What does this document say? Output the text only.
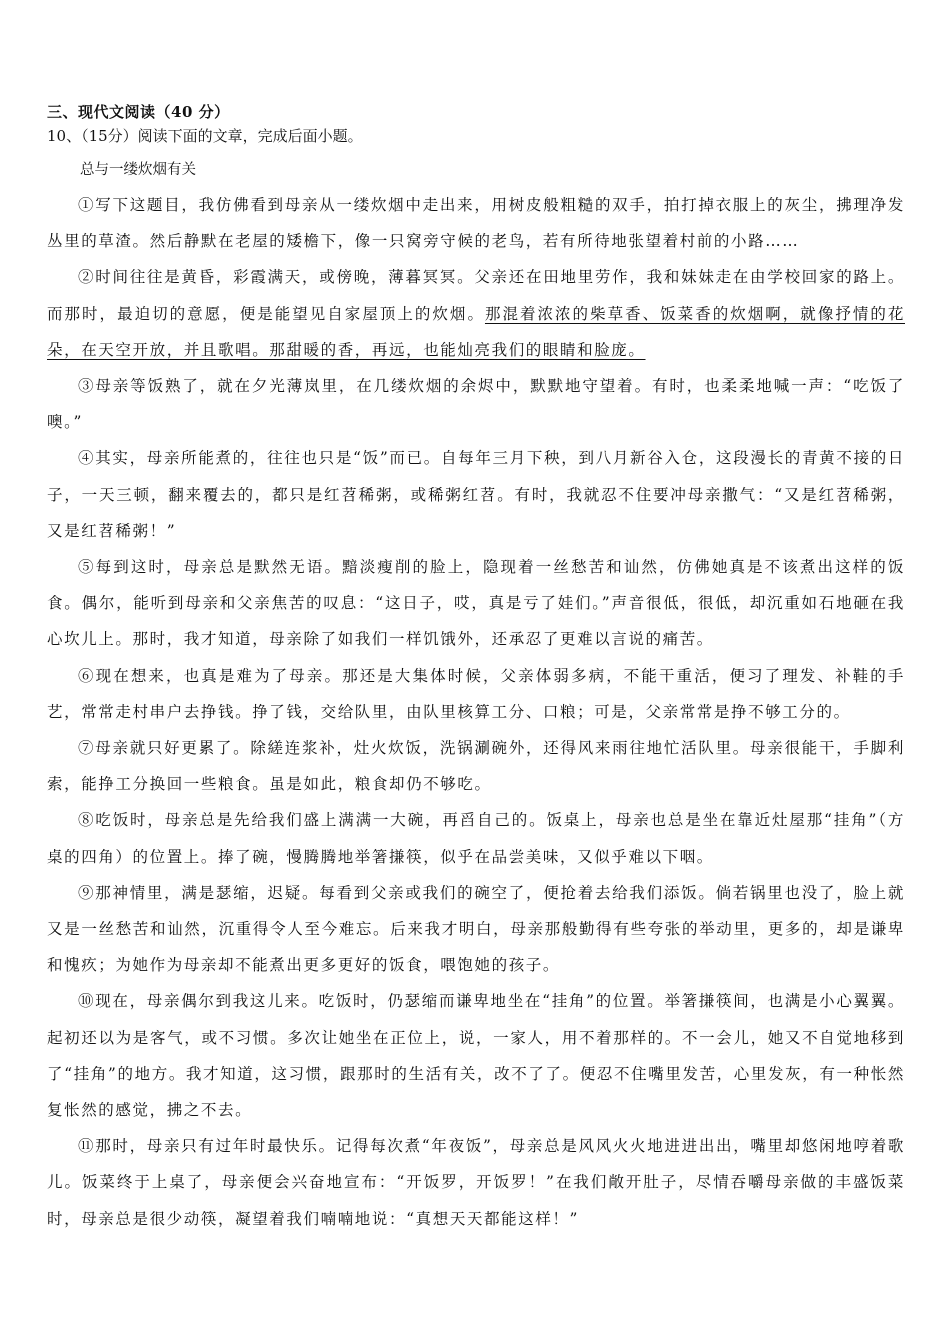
三、现代文阅读（40 分）
10、（15分）阅读下面的文章，完成后面小题。
总与一缕炊烟有关

①写下这题目，我仿佛看到母亲从一缕炊烟中走出来，用树皮般粗糙的双手，拍打掉衣服上的灰尘，拂理净发丛里的草渣。然后静默在老屋的矮檐下，像一只窝旁守候的老鸟，若有所待地张望着村前的小路……

②时间往往是黄昏，彩霞满天，或傍晚，薄暮冥冥。父亲还在田地里劳作，我和妹妹走在由学校回家的路上。而那时，最迫切的意愿，便是能望见自家屋顶上的炊烟。那混着浓浓的柴草香、饭菜香的炊烟啊，就像抒情的花朵，在天空开放，并且歌唱。那甜暖的香，再远，也能灿亮我们的眼睛和脸庞。

③母亲等饭熟了，就在夕光薄岚里，在几缕炊烟的余烬中，默默地守望着。有时，也柔柔地喊一声：“吃饭了噢。”

④其实，母亲所能煮的，往往也只是“饭”而已。自每年三月下秧，到八月新谷入仓，这段漫长的青黄不接的日子，一天三顿，翻来覆去的，都只是红苕稀粥，或稀粥红苕。有时，我就忍不住要冲母亲撒气：“又是红苕稀粥，又是红苕稀粥！”

⑤每到这时，母亲总是默然无语。黯淡瘦削的脸上，隐现着一丝愁苦和讪然，仿佛她真是不该煮出这样的饭食。偶尔，能听到母亲和父亲焦苦的叹息：“这日子，哎，真是亏了娃们。”声音很低，很低，却沉重如石地砸在我心坎儿上。那时，我才知道，母亲除了如我们一样饥饿外，还承忍了更难以言说的痛苦。

⑥现在想来，也真是难为了母亲。那还是大集体时候，父亲体弱多病，不能干重活，便习了理发、补鞋的手艺，常常走村串户去挣钱。挣了钱，交给队里，由队里核算工分、口粮；可是，父亲常常是挣不够工分的。

⑦母亲就只好更累了。除縒连浆补，灶火炊饭，洗锅涮碗外，还得风来雨往地忙活队里。母亲很能干，手脚利索，能挣工分换回一些粮食。虽是如此，粮食却仍不够吃。

⑧吃饭时，母亲总是先给我们盛上满满一大碗，再舀自己的。饭桌上，母亲也总是坐在靠近灶屋那“挂角”（方桌的四角）的位置上。捧了碗，慢腾腾地举箸搛筷，似乎在品尝美味，又似乎难以下咽。

⑨那神情里，满是瑟缩，迟疑。每看到父亲或我们的碗空了，便抢着去给我们添饭。倘若锅里也没了，脸上就又是一丝愁苦和讪然，沉重得令人至今难忘。后来我才明白，母亲那般勤得有些夸张的举动里，更多的，却是谦卑和愧疚；为她作为母亲却不能煮出更多更好的饭食，喂饱她的孩子。

⑩现在，母亲偶尔到我这儿来。吃饭时，仍瑟缩而谦卑地坐在“挂角”的位置。举箸搛筷间，也满是小心翼翼。起初还以为是客气，或不习惯。多次让她坐在正位上，说，一家人，用不着那样的。不一会儿，她又不自觉地移到了“挂角”的地方。我才知道，这习惯，跟那时的生活有关，改不了了。便忍不住嘴里发苦，心里发灰，有一种怅然复怅然的感觉，拂之不去。

⑪那时，母亲只有过年时最快乐。记得每次煮“年夜饭”，母亲总是风风火火地进进出出，嘴里却悠闲地哼着歌儿。饭菜终于上桌了，母亲便会兴奋地宣布：“开饭罗，开饭罗！”在我们敞开肚子，尽情吞嚼母亲做的丰盛饭菜时，母亲总是很少动筷，凝望着我们喃喃地说：“真想天天都能这样！”
